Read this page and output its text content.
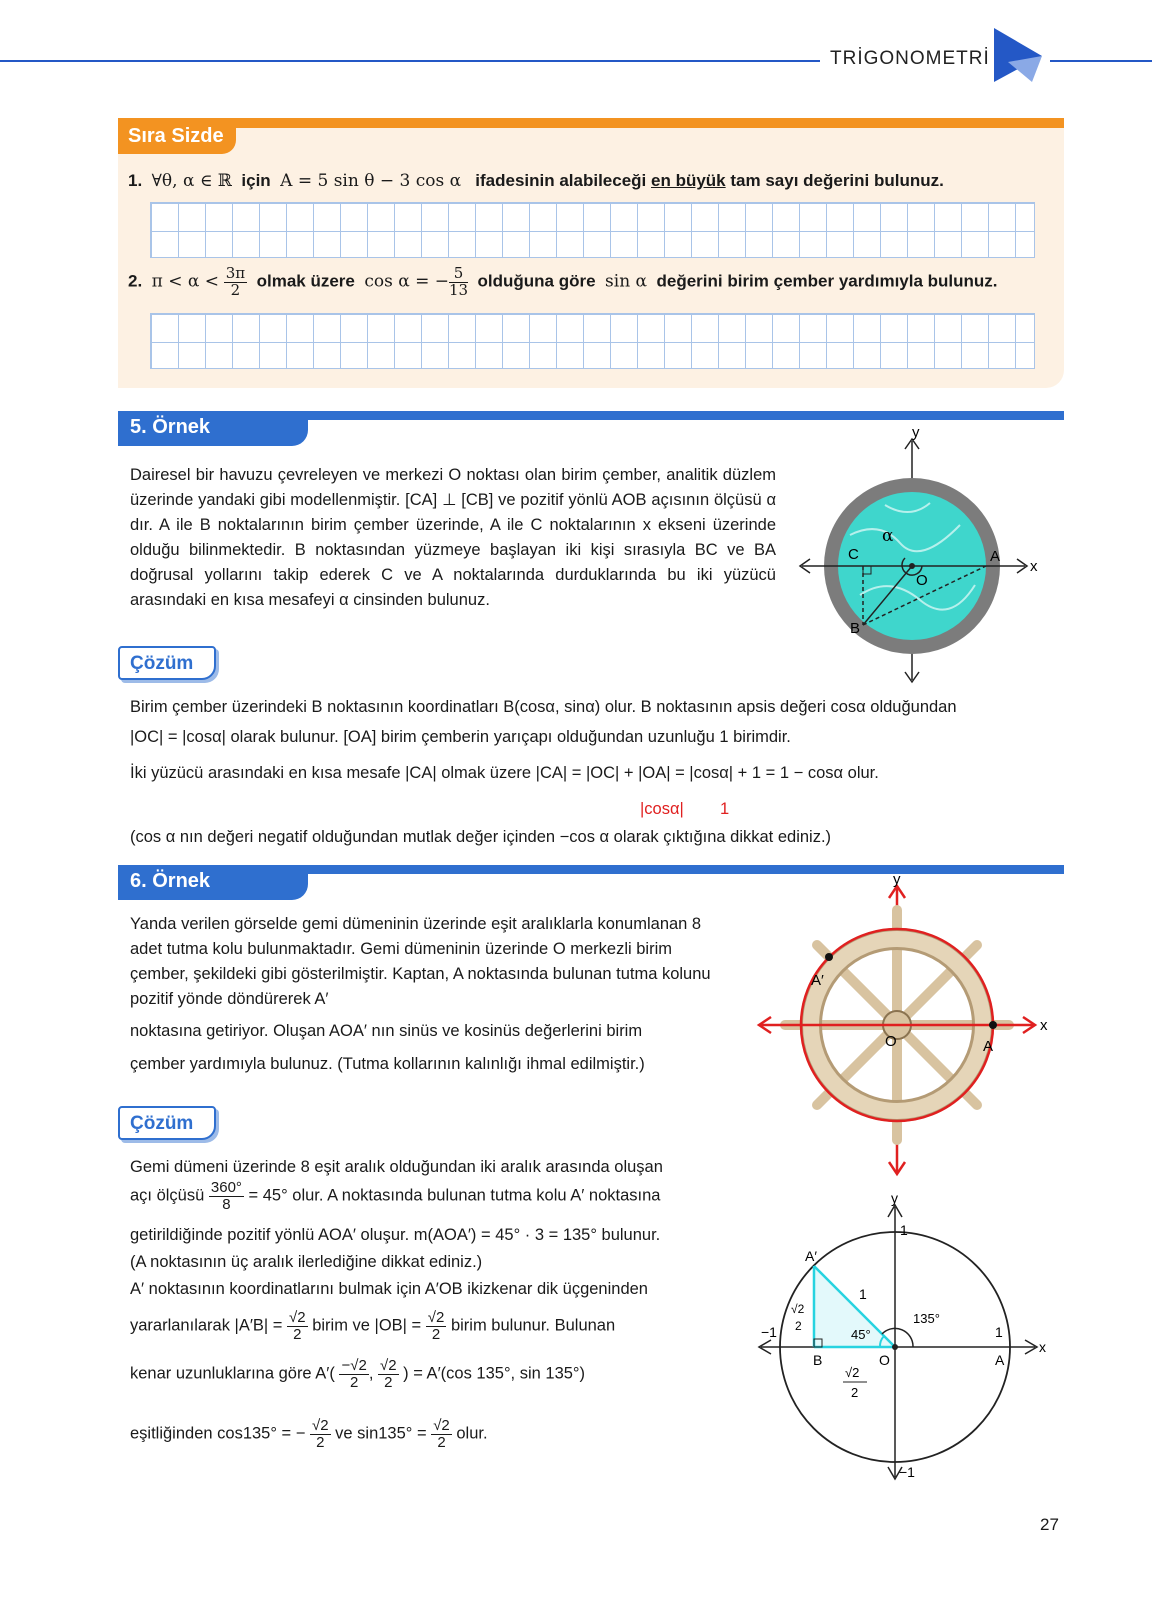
TRİGONOMETRİ
Sıra Sizde
1. ∀θ, α ∈ ℝ için A = 5 sin θ − 3 cos α ifadesinin alabileceği en büyük tam sayı değerini bulunuz.
2. $\pi < \alpha < \frac{3\pi}{2}$ olmak üzere cos α = − $\frac{5}{13}$ olduğuna göre sin α değerini birim çember yardımıyla bulunuz.
5. Örnek
Dairesel bir havuzu çevreleyen ve merkezi O noktası olan birim çember, analitik düzlem üzerinde yandaki gibi modellenmiştir. [CA] ⊥ [CB] ve pozitif yönlü AOB açısının ölçüsü α dır. A ile B noktalarının birim çember üzerinde, A ile C noktalarının x ekseni üzerinde olduğu bilinmektedir. B noktasından yüzmeye başlayan iki kişi sırasıyla BC ve BA doğrusal yollarını takip ederek C ve A noktalarında durduklarında bu iki yüzücü arasındaki en kısa mesafeyi α cinsinden bulunuz.
y
x
α
C	A
O
B
Çözüm
Birim çember üzerindeki B noktasının koordinatları B(cosα, sinα) olur. B noktasının apsis değeri cosα olduğundan
|OC| = |cosα| olarak bulunur. [OA] birim çemberin yarıçapı olduğundan uzunluğu 1 birimdir.
İki yüzücü arasındaki en kısa mesafe |CA| olmak üzere |CA| = |OC| + |OA| = |cosα| + 1 = 1 − cosα olur.
|cosα| 1
(cos α nın değeri negatif olduğundan mutlak değer içinden −cos α olarak çıktığına dikkat ediniz.)
6. Örnek
Yanda verilen görselde gemi dümeninin üzerinde eşit aralıklarla konumlanan 8 adet tutma kolu bulunmaktadır. Gemi dümeninin üzerinde O merkezli birim çember, şekildeki gibi gösterilmiştir. Kaptan, A noktasında bulunan tutma kolunu pozitif yönde döndürerek A′
noktasına getiriyor. Oluşan AOA′ nın sinüs ve kosinüs değerlerini birim
çember yardımıyla bulunuz. (Tutma kollarının kalınlığı ihmal edilmiştir.)
y
x
A′
O	A
Çözüm
Gemi dümeni üzerinde 8 eşit aralık olduğundan iki aralık arasında oluşan
açı ölçüsü $\frac{360^\circ}{8} = 45^\circ$ olur. A noktasında bulunan tutma kolu A′ noktasına
getirildiğinde pozitif yönlü AOA′ oluşur. m(AOA′) = 45° · 3 = 135° bulunur.
(A noktasının üç aralık ilerlediğine dikkat ediniz.)
A′ noktasının koordinatlarını bulmak için A′OB ikizkenar dik üçgeninden
yararlanılarak $|A'B| = \frac{√2}{2}$ birim ve $|OB| = \frac{√2}{2}$ birim bulunur. Bulunan
kenar uzunluklarına göre $A'( \frac{-√2}{2}$ , $\frac{√2}{2}$ ) = A′(cos 135°, sin 135°)
eşitliğinden cos135° = − $\frac{√2}{2}$ ve $\sin 135^\circ = \frac{√2}{2}$ olur.
y
1
A′
1
√2
2
−1	45°
135°
1
x
B	O	A
√2
2
−1
27
